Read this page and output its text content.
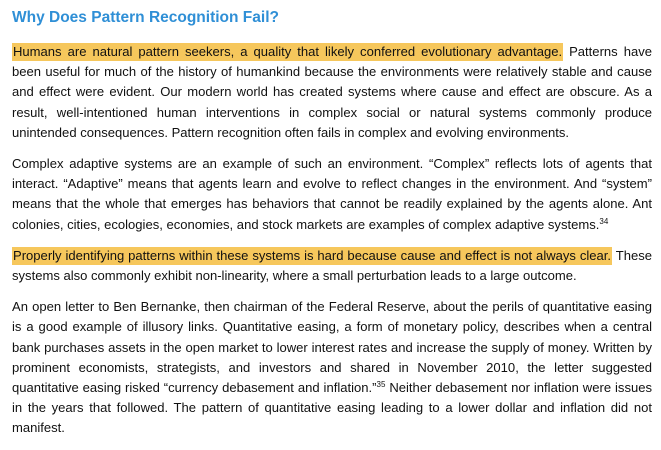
Why Does Pattern Recognition Fail?

Humans are natural pattern seekers, a quality that likely conferred evolutionary advantage. Patterns have been useful for much of the history of humankind because the environments were relatively stable and cause and effect were evident. Our modern world has created systems where cause and effect are obscure. As a result, well-intentioned human interventions in complex social or natural systems commonly produce unintended consequences. Pattern recognition often fails in complex and evolving environments.

Complex adaptive systems are an example of such an environment. “Complex” reflects lots of agents that interact. “Adaptive” means that agents learn and evolve to reflect changes in the environment. And “system” means that the whole that emerges has behaviors that cannot be readily explained by the agents alone. Ant colonies, cities, ecologies, economies, and stock markets are examples of complex adaptive systems.$^{34}$

Properly identifying patterns within these systems is hard because cause and effect is not always clear. These systems also commonly exhibit non-linearity, where a small perturbation leads to a large outcome.

An open letter to Ben Bernanke, then chairman of the Federal Reserve, about the perils of quantitative easing is a good example of illusory links. Quantitative easing, a form of monetary policy, describes when a central bank purchases assets in the open market to lower interest rates and increase the supply of money. Written by prominent economists, strategists, and investors and shared in November 2010, the letter suggested quantitative easing risked “currency debasement and inflation.”$^{35}$ Neither debasement nor inflation were issues in the years that followed. The pattern of quantitative easing leading to a lower dollar and inflation did not manifest.
